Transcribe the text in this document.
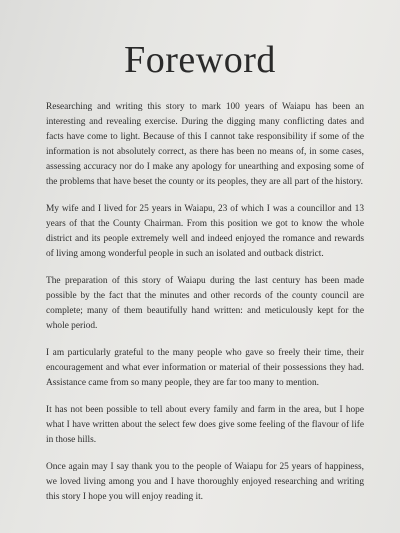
Foreword

Researching and writing this story to mark 100 years of Waiapu has been an interesting and revealing exercise. During the digging many conflicting dates and facts have come to light. Because of this I cannot take responsibility if some of the information is not absolutely correct, as there has been no means of, in some cases, assessing accuracy nor do I make any apology for unearthing and exposing some of the problems that have beset the county or its peoples, they are all part of the history.

My wife and I lived for 25 years in Waiapu, 23 of which I was a councillor and 13 years of that the County Chairman. From this position we got to know the whole district and its people extremely well and indeed enjoyed the romance and rewards of living among wonderful people in such an isolated and outback district.

The preparation of this story of Waiapu during the last century has been made possible by the fact that the minutes and other records of the county council are complete; many of them beautifully hand written: and meticulously kept for the whole period.

I am particularly grateful to the many people who gave so freely their time, their encouragement and what ever information or material of their possessions they had. Assistance came from so many people, they are far too many to mention.

It has not been possible to tell about every family and farm in the area, but I hope what I have written about the select few does give some feeling of the flavour of life in those hills.

Once again may I say thank you to the people of Waiapu for 25 years of happiness, we loved living among you and I have thoroughly enjoyed researching and writing this story I hope you will enjoy reading it.
